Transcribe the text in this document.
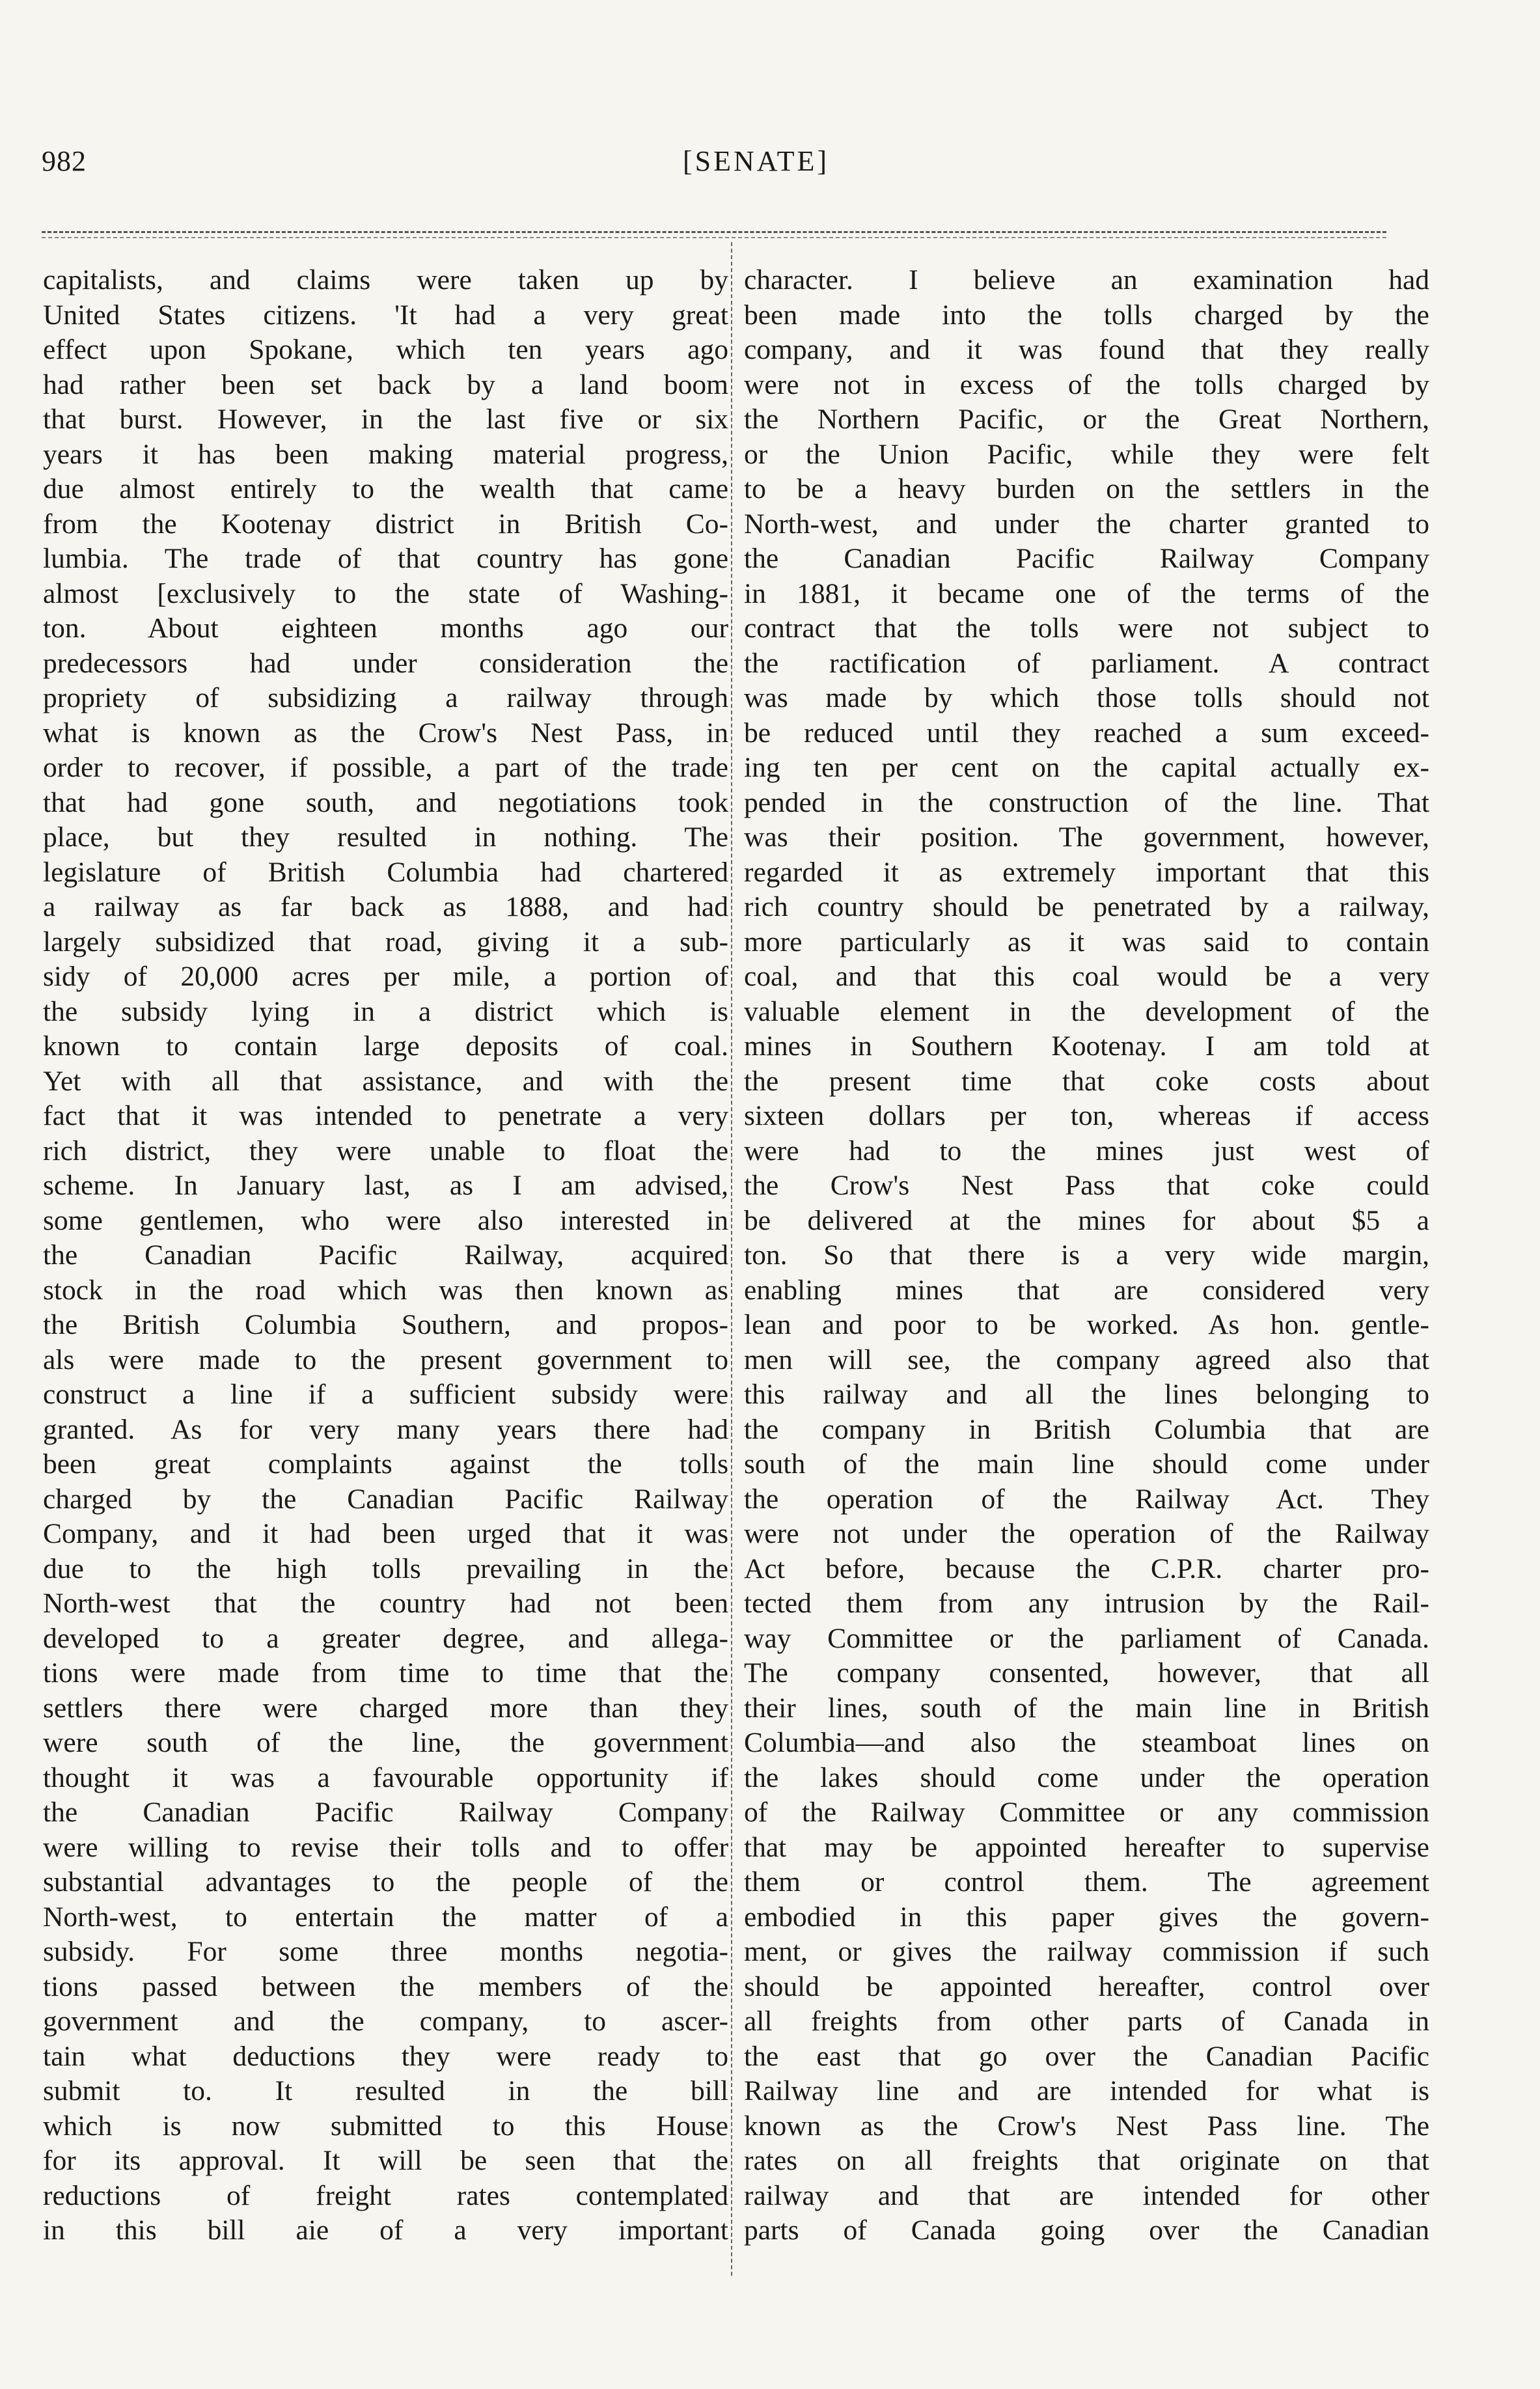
982	[SENATE]
capitalists, and claims were taken up by
United States citizens. 'It had a very great
effect upon Spokane, which ten years ago
had rather been set back by a land boom
that burst. However, in the last five or six
years it has been making material progress,
due almost entirely to the wealth that came
from the Kootenay district in British Co-
lumbia. The trade of that country has gone
almost [exclusively to the state of Washing-
ton. About eighteen months ago our
predecessors had under consideration the
propriety of subsidizing a railway through
what is known as the Crow's Nest Pass, in
order to recover, if possible, a part of the trade
that had gone south, and negotiations took
place, but they resulted in nothing. The
legislature of British Columbia had chartered
a railway as far back as 1888, and had
largely subsidized that road, giving it a sub-
sidy of 20,000 acres per mile, a portion of
the subsidy lying in a district which is
known to contain large deposits of coal.
Yet with all that assistance, and with the
fact that it was intended to penetrate a very
rich district, they were unable to float the
scheme. In January last, as I am advised,
some gentlemen, who were also interested in
the Canadian Pacific Railway, acquired
stock in the road which was then known as
the British Columbia Southern, and propos-
als were made to the present government to
construct a line if a sufficient subsidy were
granted. As for very many years there had
been great complaints against the tolls
charged by the Canadian Pacific Railway
Company, and it had been urged that it was
due to the high tolls prevailing in the
North-west that the country had not been
developed to a greater degree, and allega-
tions were made from time to time that the
settlers there were charged more than they
were south of the line, the government
thought it was a favourable opportunity if
the Canadian Pacific Railway Company
were willing to revise their tolls and to offer
substantial advantages to the people of the
North-west, to entertain the matter of a
subsidy. For some three months negotia-
tions passed between the members of the
government and the company, to ascer-
tain what deductions they were ready to
submit to. It resulted in the bill
which is now submitted to this House
for its approval. It will be seen that the
reductions of freight rates contemplated
in this bill aie of a very important
character. I believe an examination had
been made into the tolls charged by the
company, and it was found that they really
were not in excess of the tolls charged by
the Northern Pacific, or the Great Northern,
or the Union Pacific, while they were felt
to be a heavy burden on the settlers in the
North-west, and under the charter granted to
the Canadian Pacific Railway Company
in 1881, it became one of the terms of the
contract that the tolls were not subject to
the ractification of parliament. A contract
was made by which those tolls should not
be reduced until they reached a sum exceed-
ing ten per cent on the capital actually ex-
pended in the construction of the line. That
was their position. The government, however,
regarded it as extremely important that this
rich country should be penetrated by a railway,
more particularly as it was said to contain
coal, and that this coal would be a very
valuable element in the development of the
mines in Southern Kootenay. I am told at
the present time that coke costs about
sixteen dollars per ton, whereas if access
were had to the mines just west of
the Crow's Nest Pass that coke could
be delivered at the mines for about $5 a
ton. So that there is a very wide margin,
enabling mines that are considered very
lean and poor to be worked. As hon. gentle-
men will see, the company agreed also that
this railway and all the lines belonging to
the company in British Columbia that are
south of the main line should come under
the operation of the Railway Act. They
were not under the operation of the Railway
Act before, because the C.P.R. charter pro-
tected them from any intrusion by the Rail-
way Committee or the parliament of Canada.
The company consented, however, that all
their lines, south of the main line in British
Columbia—and also the steamboat lines on
the lakes should come under the operation
of the Railway Committee or any commission
that may be appointed hereafter to supervise
them or control them. The agreement
embodied in this paper gives the govern-
ment, or gives the railway commission if such
should be appointed hereafter, control over
all freights from other parts of Canada in
the east that go over the Canadian Pacific
Railway line and are intended for what is
known as the Crow's Nest Pass line. The
rates on all freights that originate on that
railway and that are intended for other
parts of Canada going over the Canadian
